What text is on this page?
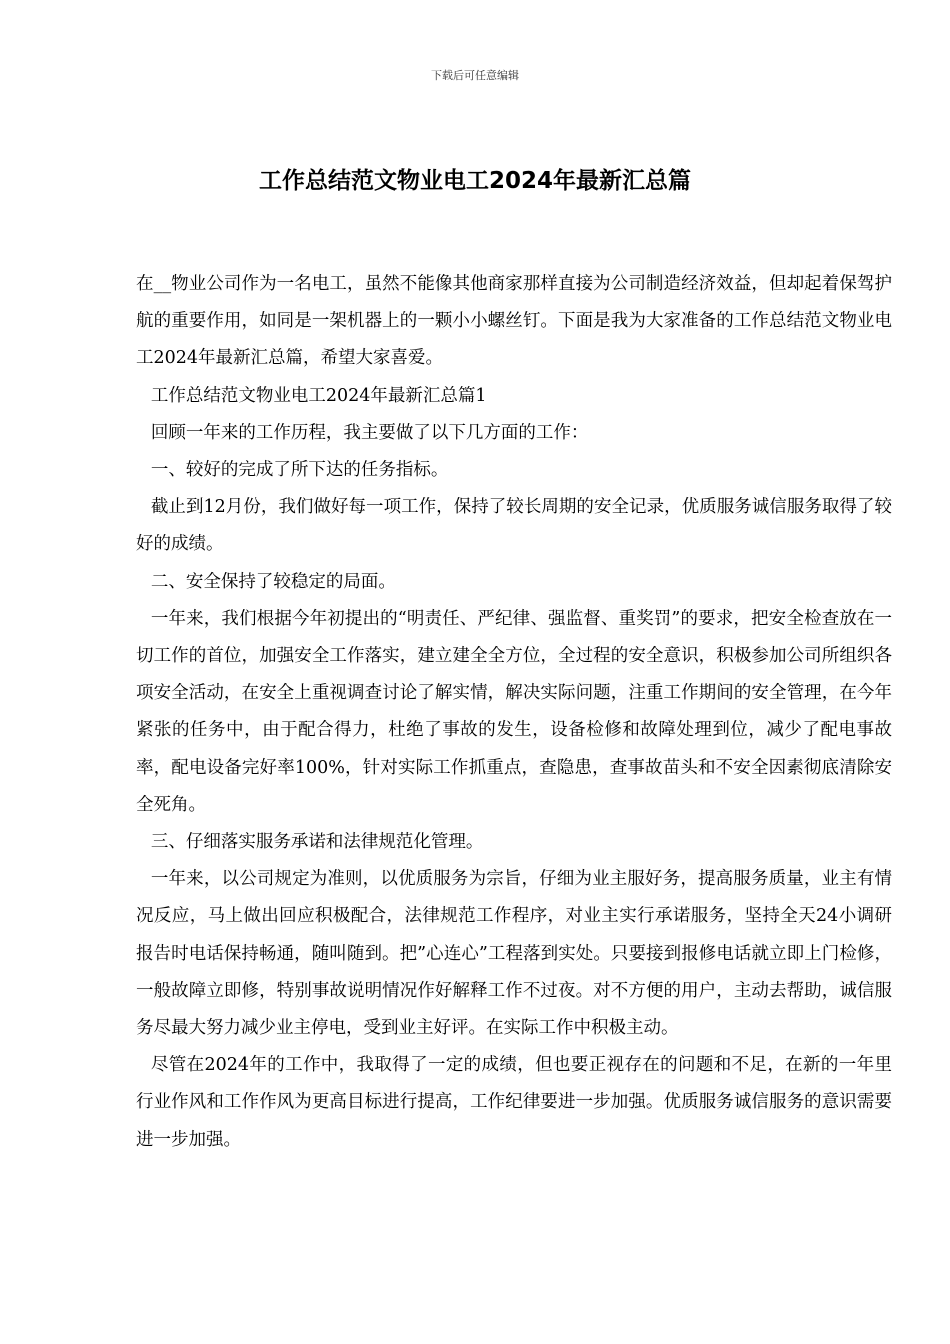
下载后可任意编辑
工作总结范文物业电工2024年最新汇总篇

在__物业公司作为一名电工，虽然不能像其他商家那样直接为公司制造经济效益，但却起着保驾护航的重要作用，如同是一架机器上的一颗小小螺丝钉。下面是我为大家准备的工作总结范文物业电工2024年最新汇总篇，希望大家喜爱。

工作总结范文物业电工2024年最新汇总篇1

回顾一年来的工作历程，我主要做了以下几方面的工作：

一、较好的完成了所下达的任务指标。

截止到12月份，我们做好每一项工作，保持了较长周期的安全记录，优质服务诚信服务取得了较好的成绩。

二、安全保持了较稳定的局面。

一年来，我们根据今年初提出的“明责任、严纪律、强监督、重奖罚”的要求，把安全检查放在一切工作的首位，加强安全工作落实，建立建全全方位，全过程的安全意识，积极参加公司所组织各项安全活动，在安全上重视调查讨论了解实情，解决实际问题，注重工作期间的安全管理，在今年紧张的任务中，由于配合得力，杜绝了事故的发生，设备检修和故障处理到位，减少了配电事故率，配电设备完好率100%，针对实际工作抓重点，查隐患，查事故苗头和不安全因素彻底清除安全死角。

三、仔细落实服务承诺和法律规范化管理。

一年来，以公司规定为准则，以优质服务为宗旨，仔细为业主服好务，提高服务质量，业主有情况反应，马上做出回应积极配合，法律规范工作程序，对业主实行承诺服务，坚持全天24小调研报告时电话保持畅通，随叫随到。把”心连心”工程落到实处。只要接到报修电话就立即上门检修，一般故障立即修，特别事故说明情况作好解释工作不过夜。对不方便的用户，主动去帮助，诚信服务尽最大努力减少业主停电，受到业主好评。在实际工作中积极主动。

尽管在2024年的工作中，我取得了一定的成绩，但也要正视存在的问题和不足，在新的一年里行业作风和工作作风为更高目标进行提高，工作纪律要进一步加强。优质服务诚信服务的意识需要进一步加强。
